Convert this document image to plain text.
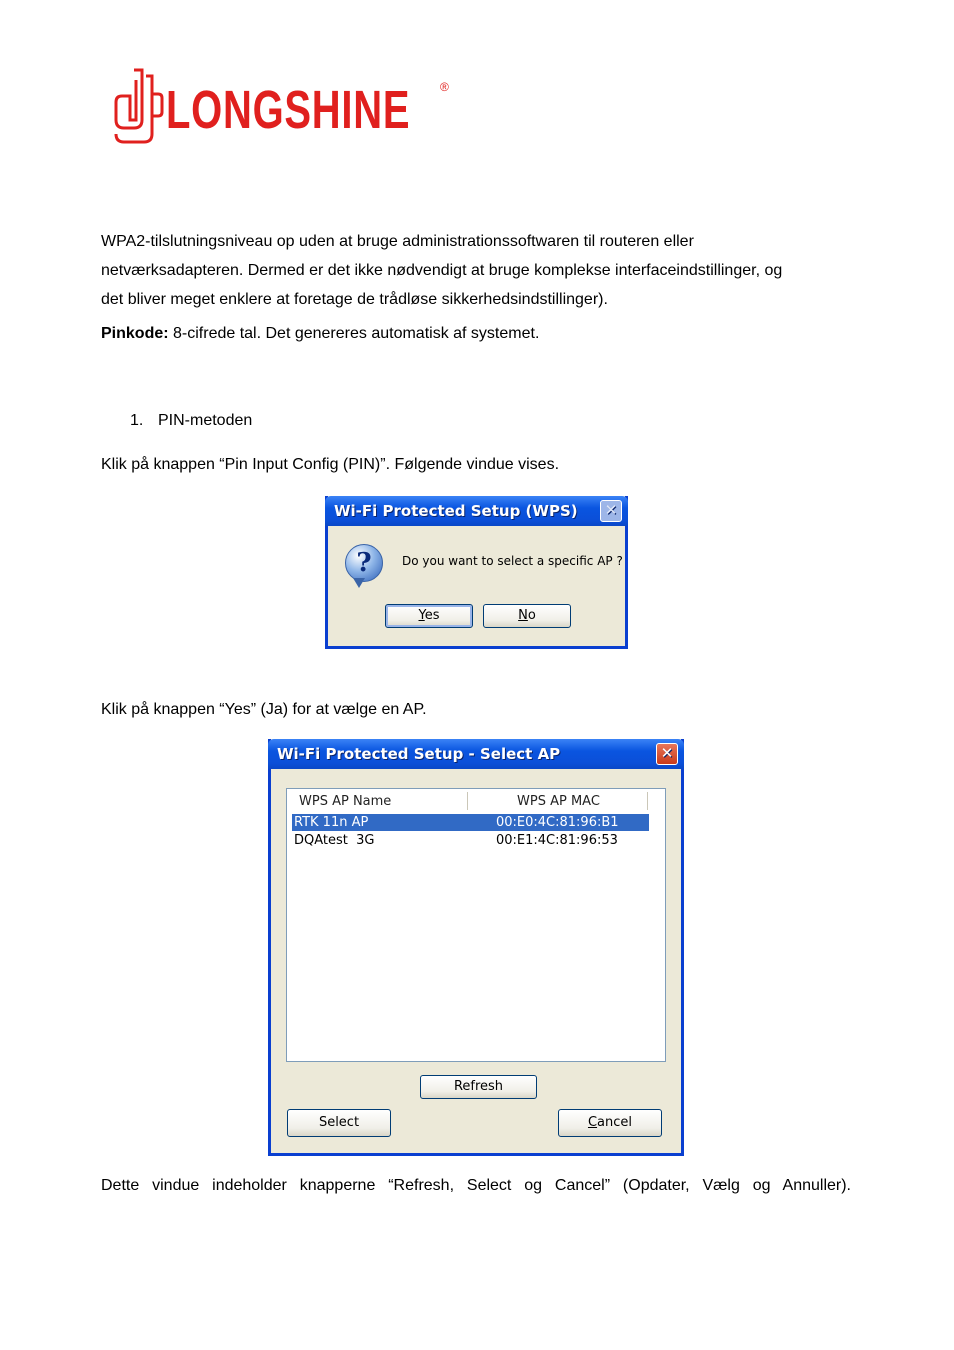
LONGSHINE ®
WPA2-tilslutningsniveau op uden at bruge administrationssoftwaren til routeren eller
netværksadapteren. Dermed er det ikke nødvendigt at bruge komplekse interfaceindstillinger, og
det bliver meget enklere at foretage de trådløse sikkerhedsindstillinger).
Pinkode: 8-cifrede tal. Det genereres automatisk af systemet.
1. PIN-metoden
Klik på knappen “Pin Input Config (PIN)”. Følgende vindue vises.
Wi-Fi Protected Setup (WPS)	✕
?	Do you want to select a specific AP ?
Yes	No
Klik på knappen “Yes” (Ja) for at vælge en AP.
Wi-Fi Protected Setup - Select AP	✕
WPS AP Name	WPS AP MAC
RTK 11n AP	00:E0:4C:81:96:B1
DQAtest  3G	00:E1:4C:81:96:53
Refresh
Select	Cancel
Dette vindue indeholder knapperne “Refresh, Select og Cancel” (Opdater, Vælg og Annuller).
